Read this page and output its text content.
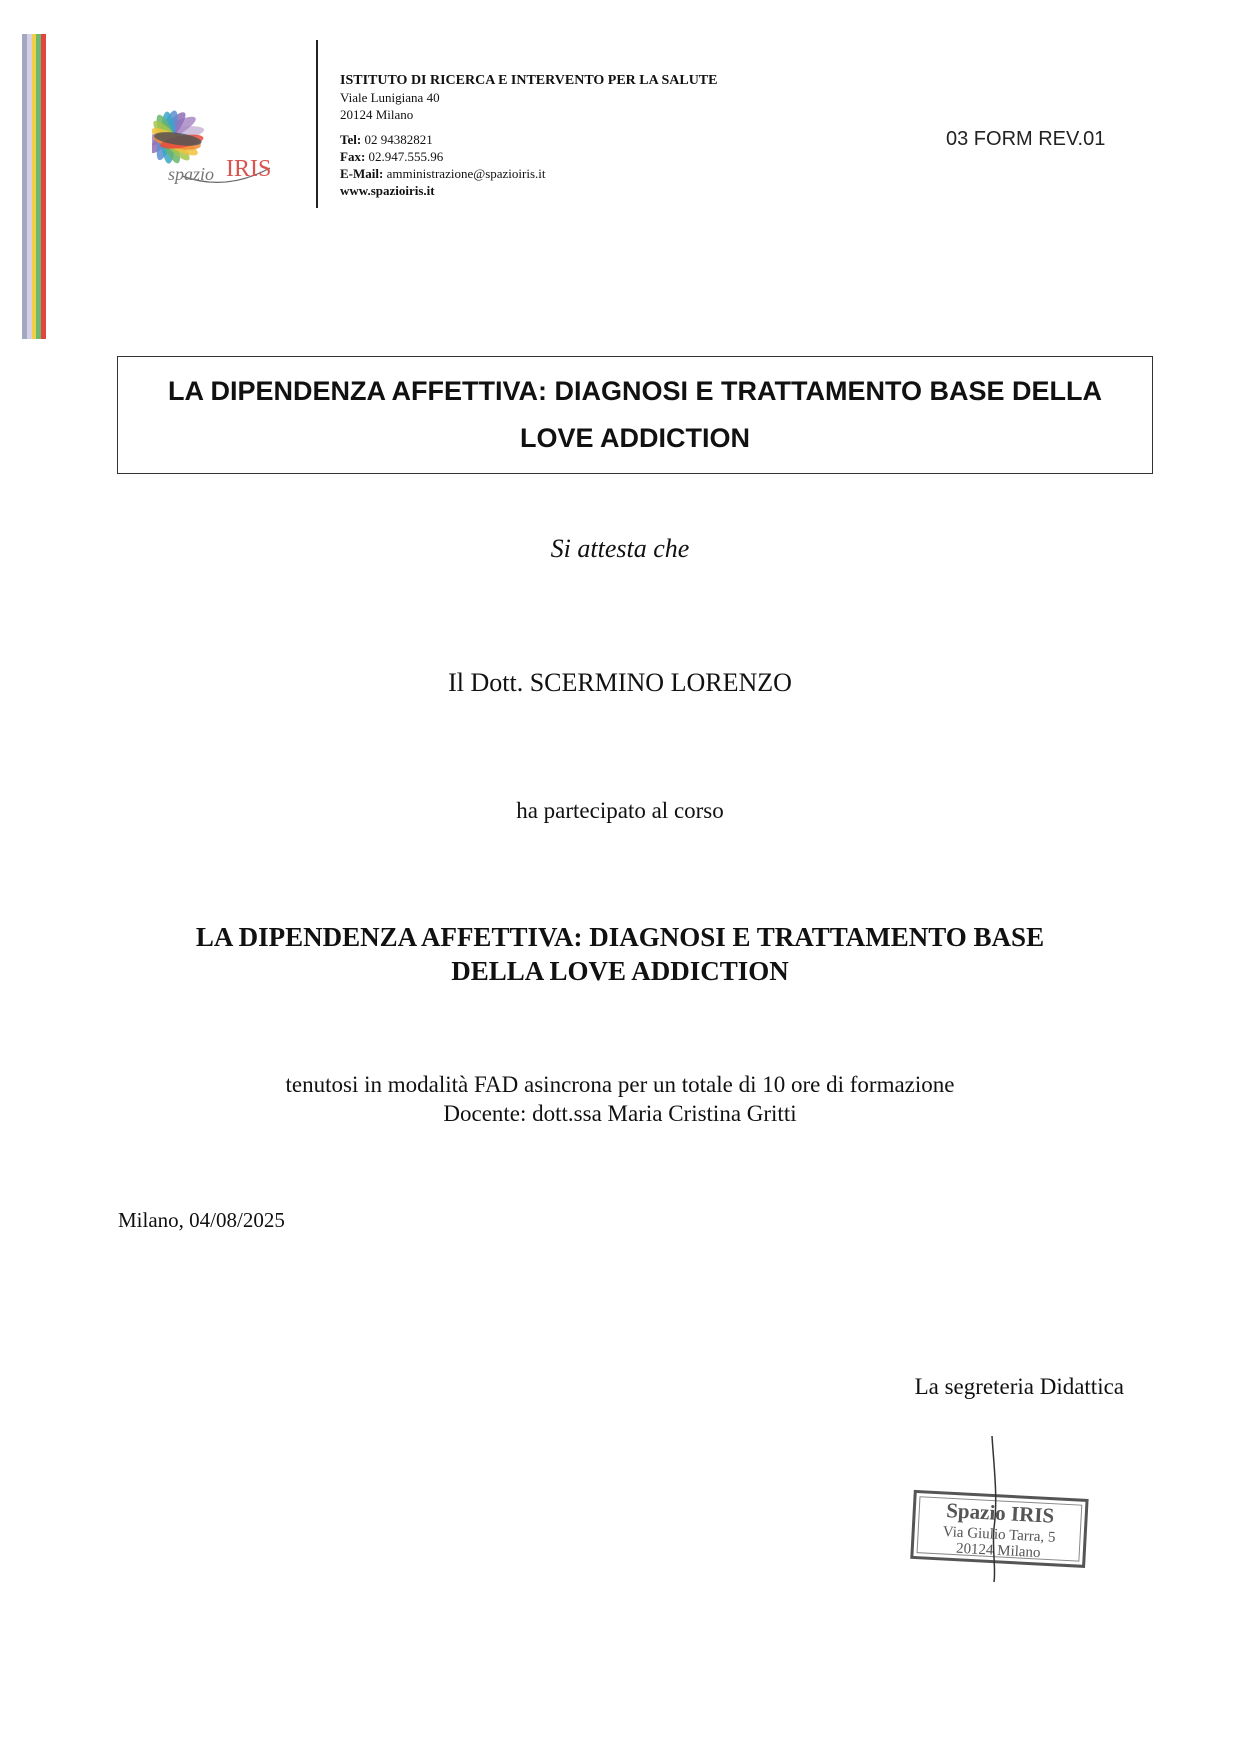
spazio IRIS
ISTITUTO DI RICERCA E INTERVENTO PER LA SALUTE
Viale Lunigiana 40
20124 Milano
Tel: 02 94382821
Fax: 02.947.555.96
E-Mail: amministrazione@spazioiris.it
www.spazioiris.it
03 FORM REV.01
LA DIPENDENZA AFFETTIVA: DIAGNOSI E TRATTAMENTO BASE DELLA LOVE ADDICTION
Si attesta che
Il Dott. SCERMINO LORENZO
ha partecipato al corso
LA DIPENDENZA AFFETTIVA: DIAGNOSI E TRATTAMENTO BASE
DELLA LOVE ADDICTION
tenutosi in modalità FAD asincrona per un totale di 10 ore di formazione
Docente: dott.ssa Maria Cristina Gritti
Milano, 04/08/2025
La segreteria Didattica
Spazio IRIS
Via Giulio Tarra, 5
20124 Milano
